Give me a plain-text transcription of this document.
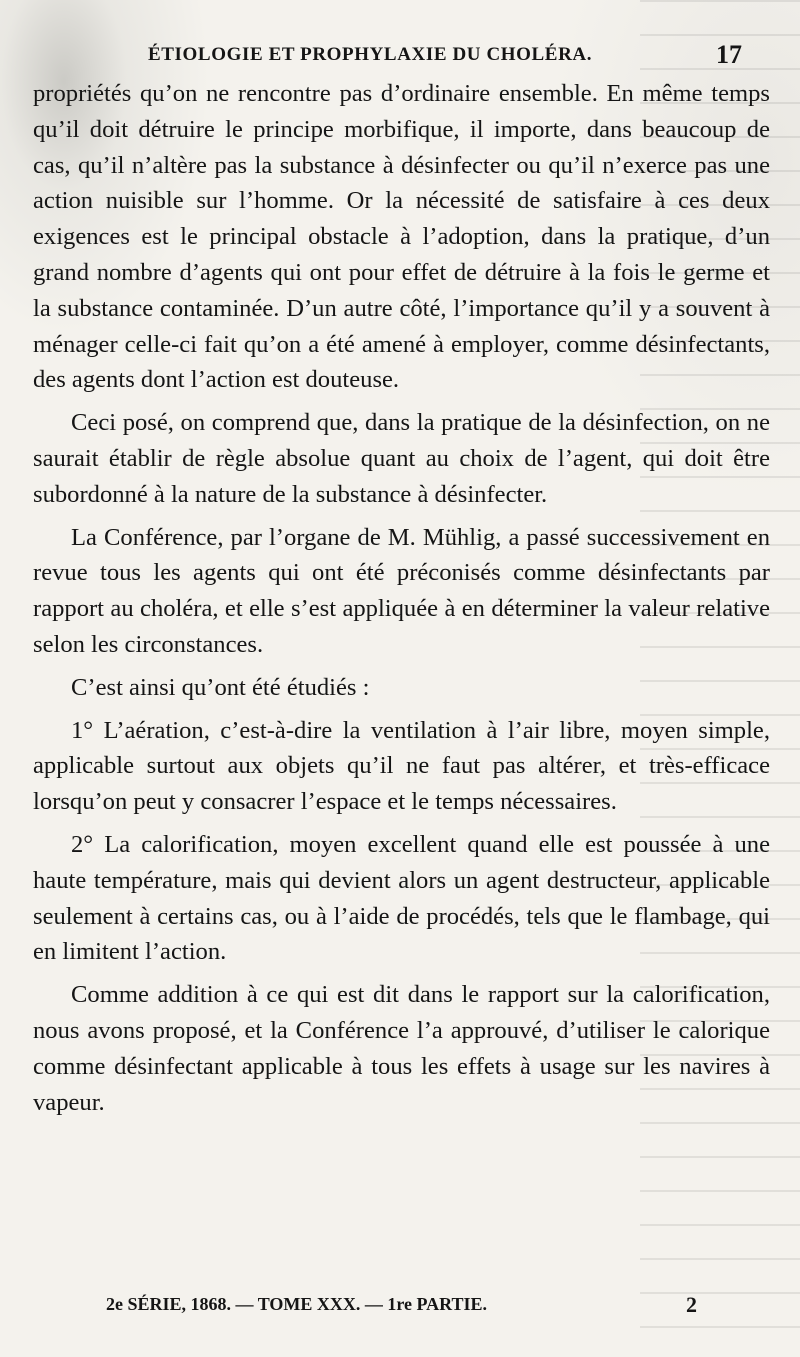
ÉTIOLOGIE ET PROPHYLAXIE DU CHOLÉRA.	17

propriétés qu’on ne rencontre pas d’ordinaire ensemble. En même temps qu’il doit détruire le principe morbifique, il importe, dans beaucoup de cas, qu’il n’altère pas la substance à désinfecter ou qu’il n’exerce pas une action nuisible sur l’homme. Or la nécessité de satisfaire à ces deux exigences est le principal obstacle à l’adoption, dans la pratique, d’un grand nombre d’agents qui ont pour effet de détruire à la fois le germe et la substance contaminée. D’un autre côté, l’importance qu’il y a souvent à ménager celle-ci fait qu’on a été amené à employer, comme désinfectants, des agents dont l’action est douteuse.

Ceci posé, on comprend que, dans la pratique de la désinfection, on ne saurait établir de règle absolue quant au choix de l’agent, qui doit être subordonné à la nature de la substance à désinfecter.

La Conférence, par l’organe de M. Mühlig, a passé successivement en revue tous les agents qui ont été préconisés comme désinfectants par rapport au choléra, et elle s’est appliquée à en déterminer la valeur relative selon les circonstances.

C’est ainsi qu’ont été étudiés :

1° L’aération, c’est-à-dire la ventilation à l’air libre, moyen simple, applicable surtout aux objets qu’il ne faut pas altérer, et très-efficace lorsqu’on peut y consacrer l’espace et le temps nécessaires.

2° La calorification, moyen excellent quand elle est poussée à une haute température, mais qui devient alors un agent destructeur, applicable seulement à certains cas, ou à l’aide de procédés, tels que le flambage, qui en limitent l’action.

Comme addition à ce qui est dit dans le rapport sur la calorification, nous avons proposé, et la Conférence l’a approuvé, d’utiliser le calorique comme désinfectant applicable à tous les effets à usage sur les navires à vapeur.

2e SÉRIE, 1868. — TOME XXX. — 1re PARTIE.	2
